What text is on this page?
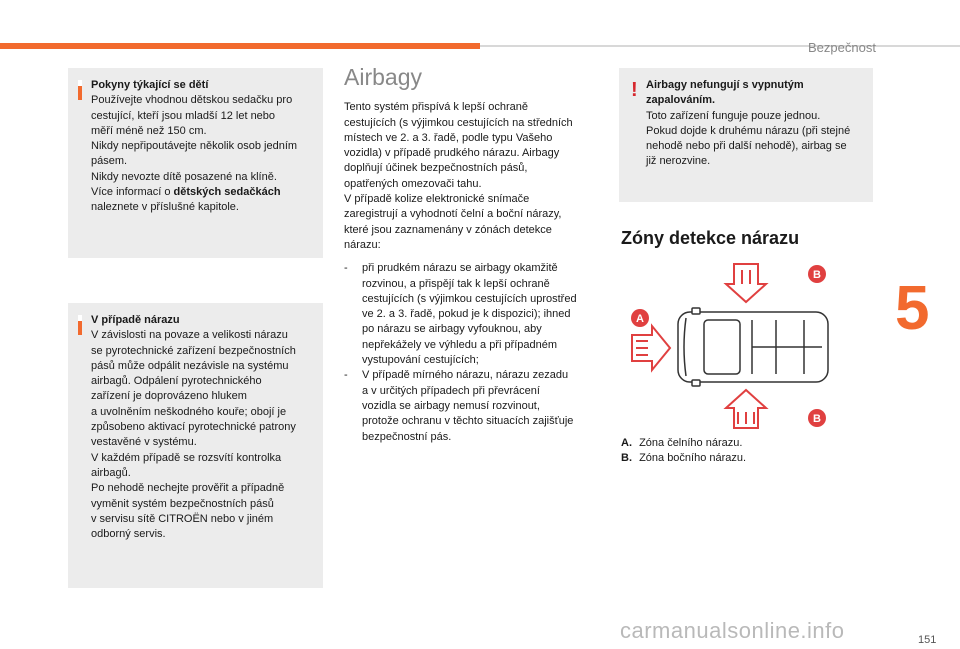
Bezpečnost
5
151
carmanualsonline.info

Pokyny týkající se dětí

Používejte vhodnou dětskou sedačku pro

cestující, kteří jsou mladší 12 let nebo

měří méně než 150 cm.

Nikdy nepřipoutávejte několik osob jedním

pásem.

Nikdy nevozte dítě posazené na klíně.

Více informací o dětských sedačkách

naleznete v příslušné kapitole.

V případě nárazu

V závislosti na povaze a velikosti nárazu

se pyrotechnické zařízení bezpečnostních

pásů může odpálit nezávisle na systému

airbagů. Odpálení pyrotechnického

zařízení je doprovázeno hlukem

a uvolněním neškodného kouře; obojí je

způsobeno aktivací pyrotechnické patrony

vestavěné v systému.

V každém případě se rozsvítí kontrolka

airbagů.

Po nehodě nechejte prověřit a případně

vyměnit systém bezpečnostních pásů

v servisu sítě CITROËN nebo v jiném

odborný servis.

Airbagy

Tento systém přispívá k lepší ochraně

cestujících (s výjimkou cestujících na středních

místech ve 2. a 3. řadě, podle typu Vašeho

vozidla) v případě prudkého nárazu. Airbagy

doplňují účinek bezpečnostních pásů,

opatřených omezovači tahu.

V případě kolize elektronické snímače

zaregistrují a vyhodnotí čelní a boční nárazy,

které jsou zaznamenány v zónách detekce

nárazu:

- při prudkém nárazu se airbagy okamžitě

rozvinou, a přispějí tak k lepší ochraně

cestujících (s výjimkou cestujících uprostřed

ve 2. a 3. řadě, pokud je k dispozici); ihned

po nárazu se airbagy vyfouknou, aby

nepřekážely ve výhledu a při případném

vystupování cestujících;

- V případě mírného nárazu, nárazu zezadu

a v určitých případech při převrácení

vozidla se airbagy nemusí rozvinout,

protože ochranu v těchto situacích zajišťuje

bezpečnostní pás.

! Airbagy nefungují s vypnutým

zapalováním.

Toto zařízení funguje pouze jednou.

Pokud dojde k druhému nárazu (při stejné

nehodě nebo při další nehodě), airbag se

již nerozvine.

Zóny detekce nárazu
B
A
B
A. Zóna čelního nárazu.
B. Zóna bočního nárazu.
